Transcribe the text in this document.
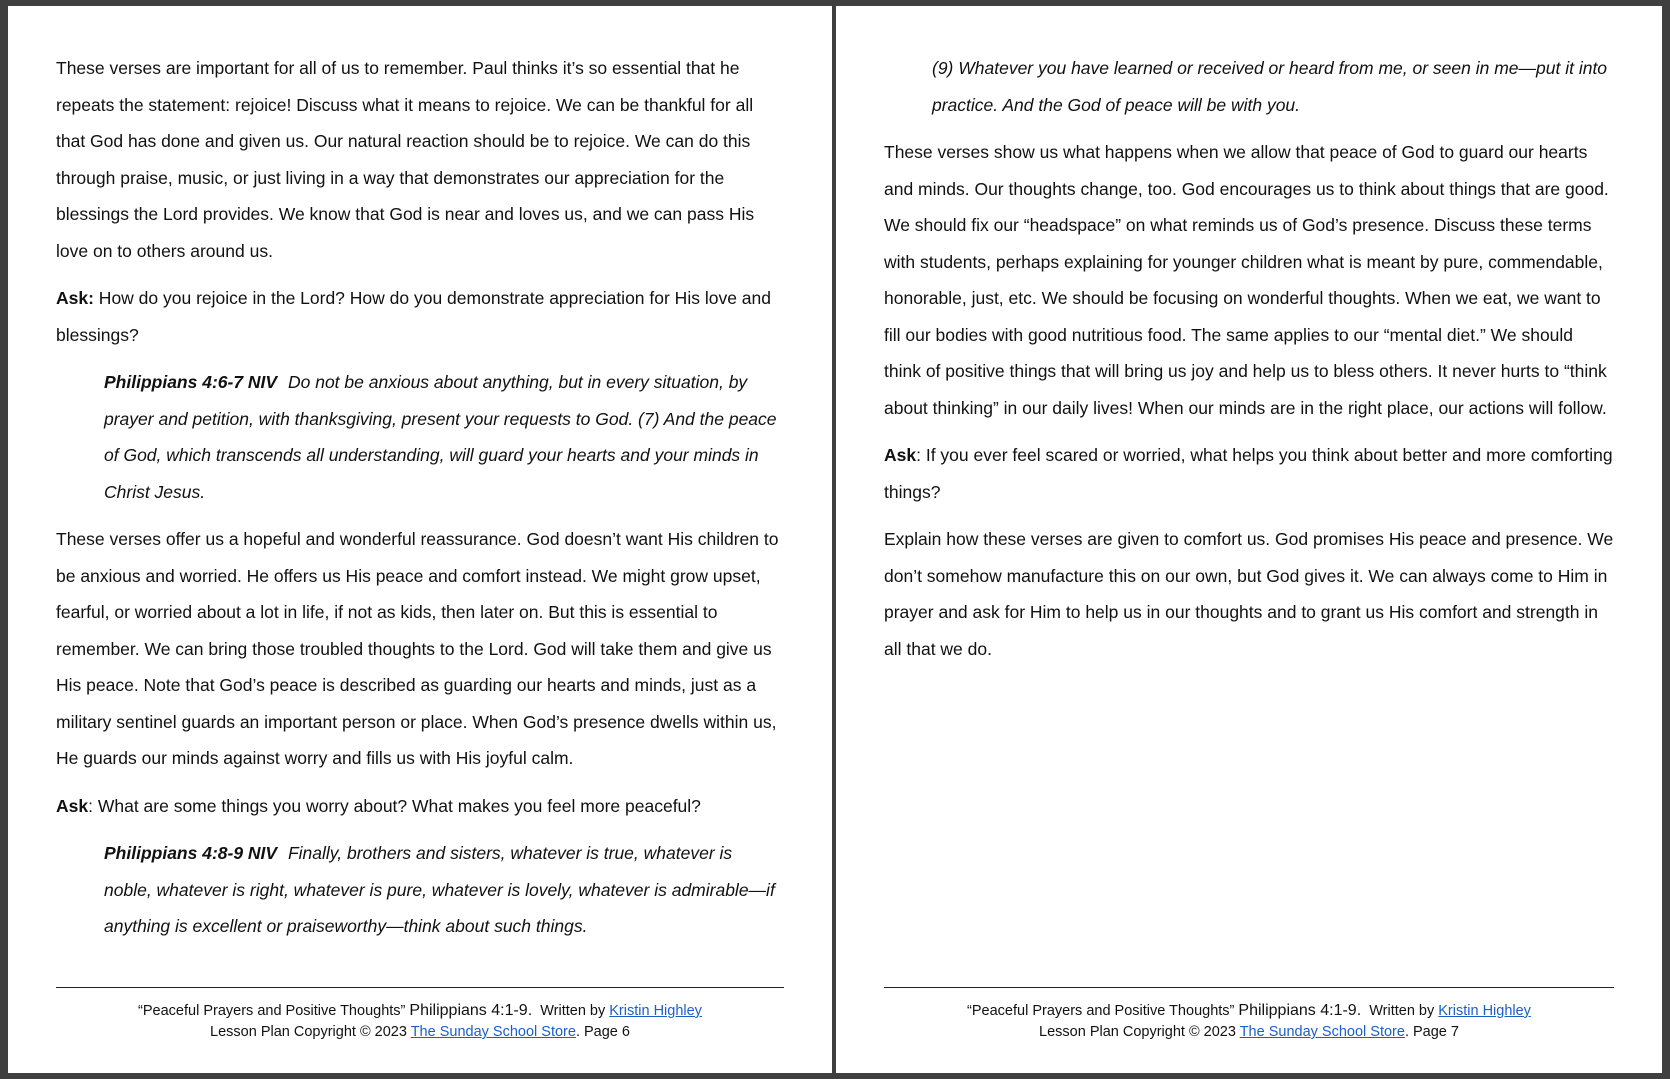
These verses are important for all of us to remember. Paul thinks it’s so essential that he repeats the statement: rejoice! Discuss what it means to rejoice. We can be thankful for all that God has done and given us. Our natural reaction should be to rejoice. We can do this through praise, music, or just living in a way that demonstrates our appreciation for the blessings the Lord provides. We know that God is near and loves us, and we can pass His love on to others around us.

Ask: How do you rejoice in the Lord? How do you demonstrate appreciation for His love and blessings?

Philippians 4:6-7 NIV Do not be anxious about anything, but in every situation, by prayer and petition, with thanksgiving, present your requests to God. (7) And the peace of God, which transcends all understanding, will guard your hearts and your minds in Christ Jesus.

These verses offer us a hopeful and wonderful reassurance. God doesn’t want His children to be anxious and worried. He offers us His peace and comfort instead. We might grow upset, fearful, or worried about a lot in life, if not as kids, then later on. But this is essential to remember. We can bring those troubled thoughts to the Lord. God will take them and give us His peace. Note that God’s peace is described as guarding our hearts and minds, just as a military sentinel guards an important person or place. When God’s presence dwells within us, He guards our minds against worry and fills us with His joyful calm.

Ask: What are some things you worry about? What makes you feel more peaceful?

Philippians 4:8-9 NIV Finally, brothers and sisters, whatever is true, whatever is noble, whatever is right, whatever is pure, whatever is lovely, whatever is admirable—if anything is excellent or praiseworthy—think about such things.

“Peaceful Prayers and Positive Thoughts” Philippians 4:1-9. Written by Kristin Highley
Lesson Plan Copyright © 2023 The Sunday School Store. Page 6

(9) Whatever you have learned or received or heard from me, or seen in me—put it into practice. And the God of peace will be with you.

These verses show us what happens when we allow that peace of God to guard our hearts and minds. Our thoughts change, too. God encourages us to think about things that are good. We should fix our “headspace” on what reminds us of God’s presence. Discuss these terms with students, perhaps explaining for younger children what is meant by pure, commendable, honorable, just, etc. We should be focusing on wonderful thoughts. When we eat, we want to fill our bodies with good nutritious food. The same applies to our “mental diet.” We should think of positive things that will bring us joy and help us to bless others. It never hurts to “think about thinking” in our daily lives! When our minds are in the right place, our actions will follow.

Ask: If you ever feel scared or worried, what helps you think about better and more comforting things?

Explain how these verses are given to comfort us. God promises His peace and presence. We don’t somehow manufacture this on our own, but God gives it. We can always come to Him in prayer and ask for Him to help us in our thoughts and to grant us His comfort and strength in all that we do.

“Peaceful Prayers and Positive Thoughts” Philippians 4:1-9. Written by Kristin Highley
Lesson Plan Copyright © 2023 The Sunday School Store. Page 7
